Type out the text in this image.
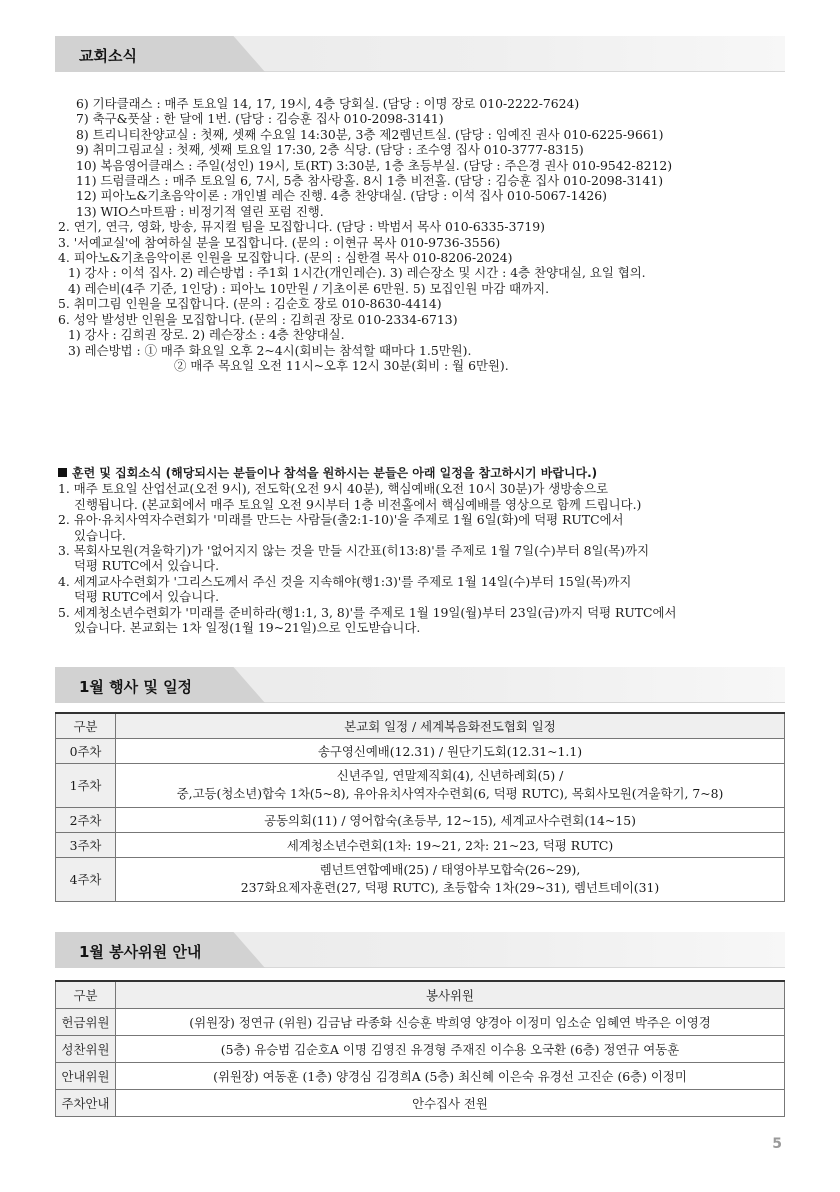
교회소식
6) 기타클래스 : 매주 토요일 14, 17, 19시, 4층 당회실. (담당 : 이명 장로 010-2222-7624)
7) 축구&풋살 : 한 달에 1번. (담당 : 김승훈 집사 010-2098-3141)
8) 트리니티찬양교실 : 첫째, 셋째 수요일 14:30분, 3층 제2렘넌트실. (담당 : 임예진 권사 010-6225-9661)
9) 취미그림교실 : 첫째, 셋째 토요일 17:30, 2층 식당. (담당 : 조수영 집사 010-3777-8315)
10) 복음영어클래스 : 주일(성인) 19시, 토(RT) 3:30분, 1층 초등부실. (담당 : 주은경 권사 010-9542-8212)
11) 드럼클래스 : 매주 토요일 6, 7시, 5층 참사랑홀. 8시 1층 비전홀. (담당 : 김승훈 집사 010-2098-3141)
12) 피아노&기초음악이론 : 개인별 레슨 진행. 4층 찬양대실. (담당 : 이석 집사 010-5067-1426)
13) WIO스마트팜 : 비정기적 열린 포럼 진행.
2. 연기, 연극, 영화, 방송, 뮤지컬 팀을 모집합니다. (담당 : 박범서 목사 010-6335-3719)
3. '서예교실'에 참여하실 분을 모집합니다. (문의 : 이현규 목사 010-9736-3556)
4. 피아노&기초음악이론 인원을 모집합니다. (문의 : 심한결 목사 010-8206-2024)
1) 강사 : 이석 집사. 2) 레슨방법 : 주1회 1시간(개인레슨). 3) 레슨장소 및 시간 : 4층 찬양대실, 요일 협의.
4) 레슨비(4주 기준, 1인당) : 피아노 10만원 / 기초이론 6만원. 5) 모집인원 마감 때까지.
5. 취미그림 인원을 모집합니다. (문의 : 김순호 장로 010-8630-4414)
6. 성악 발성반 인원을 모집합니다. (문의 : 김희권 장로 010-2334-6713)
1) 강사 : 김희권 장로. 2) 레슨장소 : 4층 찬양대실.
3) 레슨방법 : ① 매주 화요일 오후 2~4시(회비는 참석할 때마다 1.5만원).
② 매주 목요일 오전 11시~오후 12시 30분(회비 : 월 6만원).
훈련 및 집회소식 (해당되시는 분들이나 참석을 원하시는 분들은 아래 일정을 참고하시기 바랍니다.)
1. 매주 토요일 산업선교(오전 9시), 전도학(오전 9시 40분), 핵심예배(오전 10시 30분)가 생방송으로
진행됩니다. (본교회에서 매주 토요일 오전 9시부터 1층 비전홀에서 핵심예배를 영상으로 함께 드립니다.)
2. 유아·유치사역자수련회가 '미래를 만드는 사람들(출2:1-10)'을 주제로 1월 6일(화)에 덕평 RUTC에서
있습니다.
3. 목회사모원(겨울학기)가 '없어지지 않는 것을 만들 시간표(히13:8)'를 주제로 1월 7일(수)부터 8일(목)까지
덕평 RUTC에서 있습니다.
4. 세계교사수련회가 '그리스도께서 주신 것을 지속해야(행1:3)'를 주제로 1월 14일(수)부터 15일(목)까지
덕평 RUTC에서 있습니다.
5. 세계청소년수련회가 '미래를 준비하라(행1:1, 3, 8)'를 주제로 1월 19일(월)부터 23일(금)까지 덕평 RUTC에서
있습니다. 본교회는 1차 일정(1월 19~21일)으로 인도받습니다.
1월 행사 및 일정
구분	본교회 일정 / 세계복음화전도협회 일정
0주차	송구영신예배(12.31) / 원단기도회(12.31~1.1)
1주차	신년주일, 연말제직회(4), 신년하례회(5) /
중,고등(청소년)합숙 1차(5~8), 유아유치사역자수련회(6, 덕평 RUTC), 목회사모원(겨울학기, 7~8)

2주차	공동의회(11) / 영어합숙(초등부, 12~15), 세계교사수련회(14~15)
3주차	세계청소년수련회(1차: 19~21, 2차: 21~23, 덕평 RUTC)
4주차	렘넌트연합예배(25) / 태영아부모합숙(26~29),
237화요제자훈련(27, 덕평 RUTC), 초등합숙 1차(29~31), 렘넌트데이(31)
1월 봉사위원 안내
구분	봉사위원
헌금위원	(위원장) 정연규 (위원) 김금남 라종화 신승훈 박희영 양경아 이정미 임소순 임혜연 박주은 이영경
성찬위원	(5층) 유승범 김순호A 이명 김영진 유경형 주재진 이수용 오국환 (6층) 정연규 여동훈
안내위원	(위원장) 여동훈 (1층) 양경심 김경희A (5층) 최신혜 이은숙 유경선 고진순 (6층) 이정미
주차안내	안수집사 전원
5
